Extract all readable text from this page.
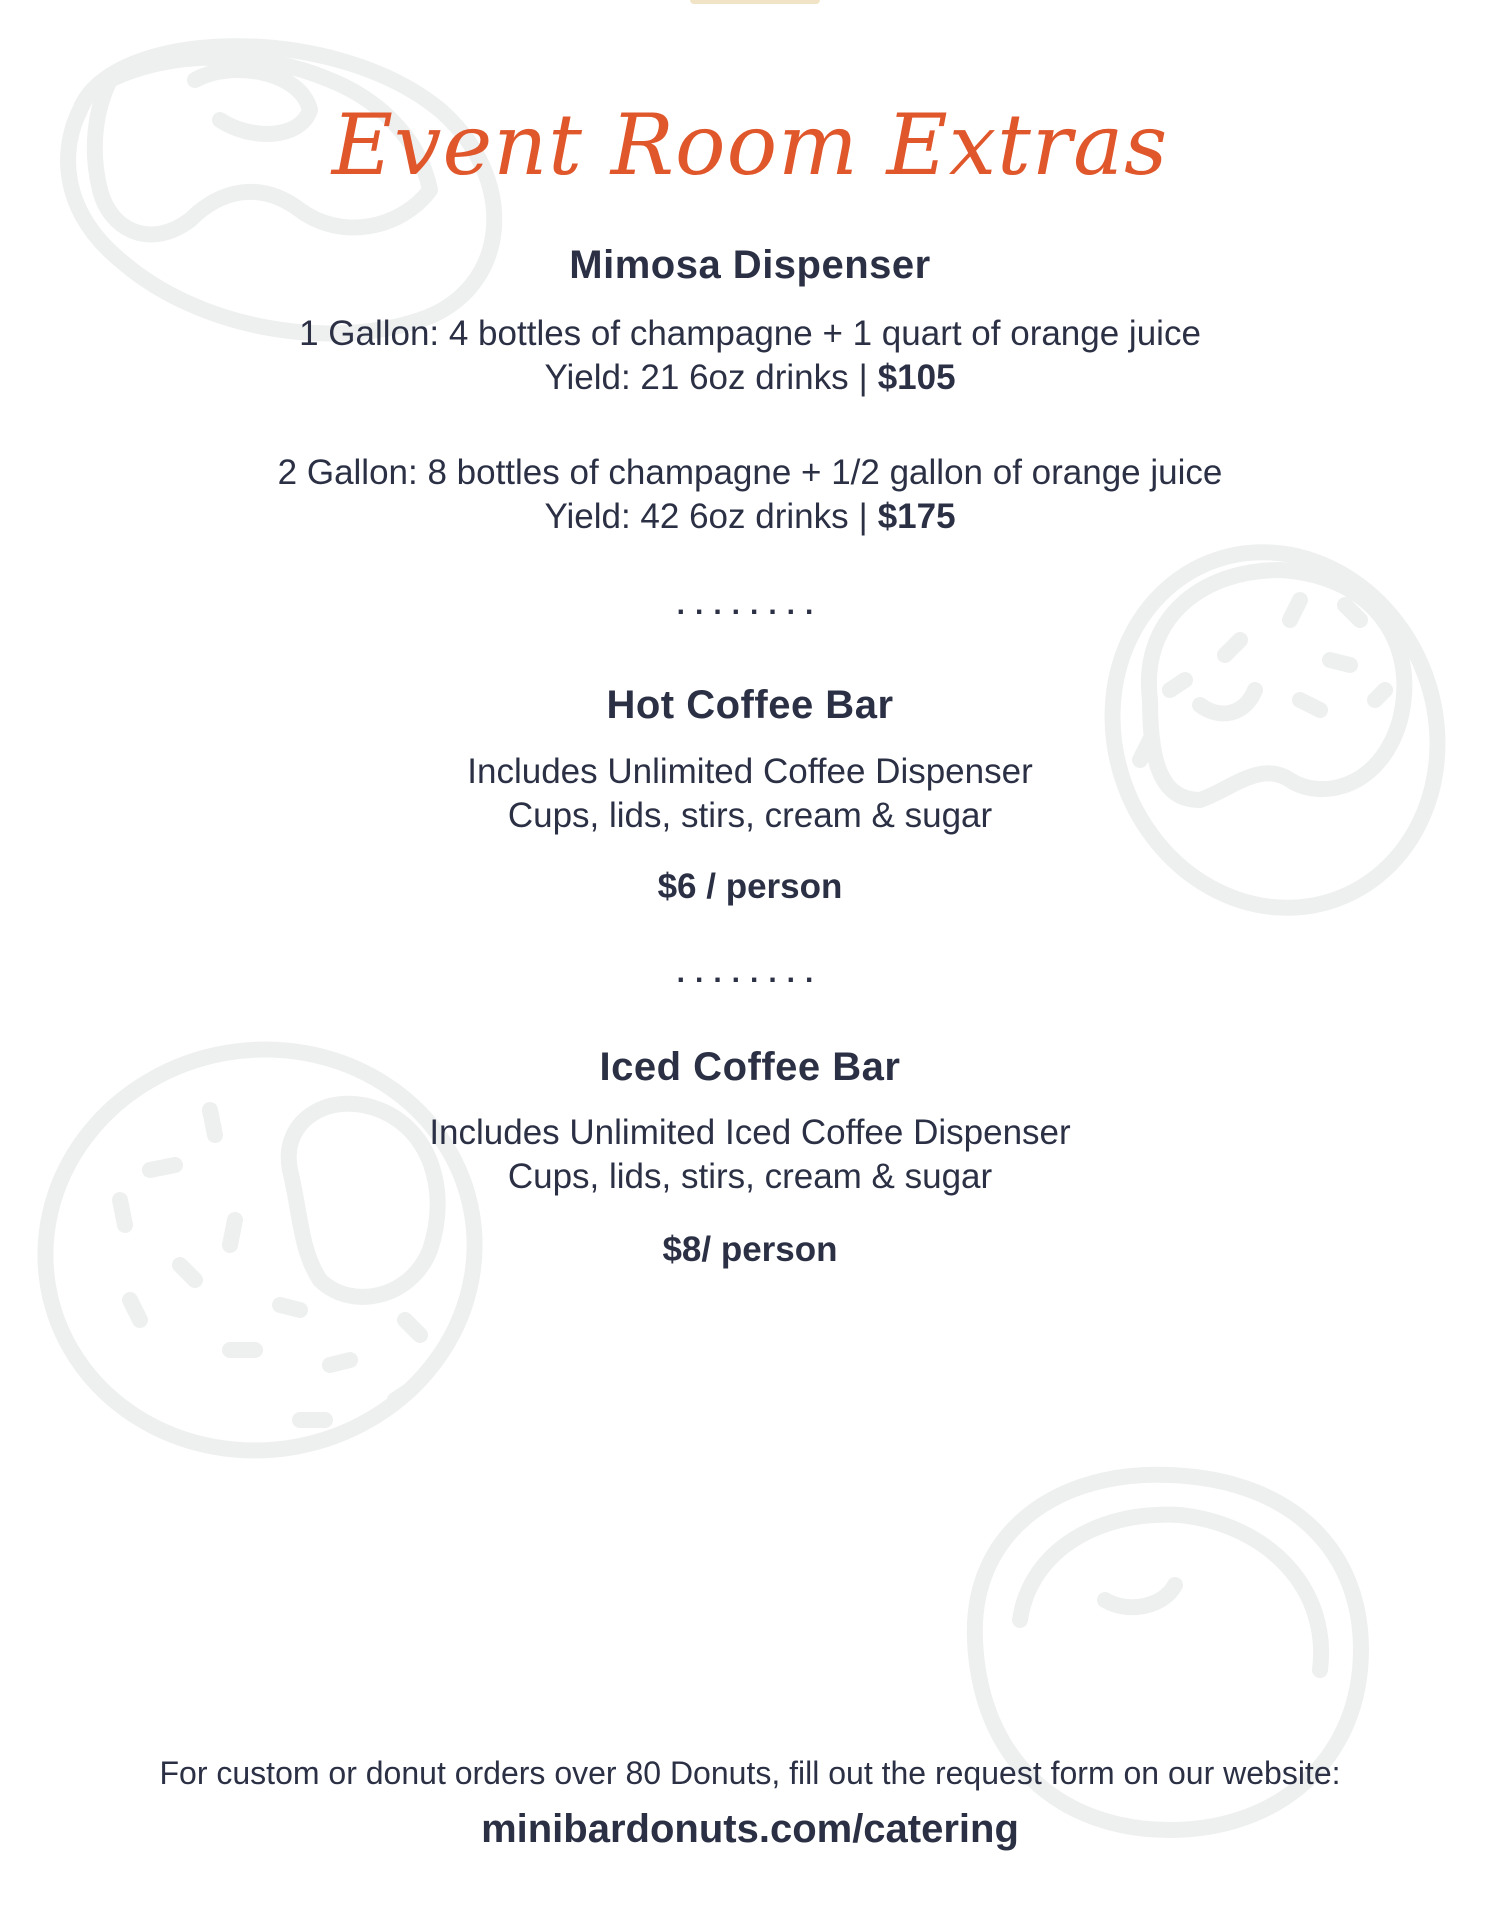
Event Room Extras
Mimosa Dispenser
1 Gallon: 4 bottles of champagne + 1 quart of orange juice
Yield: 21 6oz drinks | $105
2 Gallon: 8 bottles of champagne + 1/2 gallon of orange juice
Yield: 42 6oz drinks | $175
........
Hot Coffee Bar
Includes Unlimited Coffee Dispenser
Cups, lids, stirs, cream & sugar
$6 / person
........
Iced Coffee Bar
Includes Unlimited Iced Coffee Dispenser
Cups, lids, stirs, cream & sugar
$8/ person
For custom or donut orders over 80 Donuts, fill out the request form on our website:
minibardonuts.com/catering
